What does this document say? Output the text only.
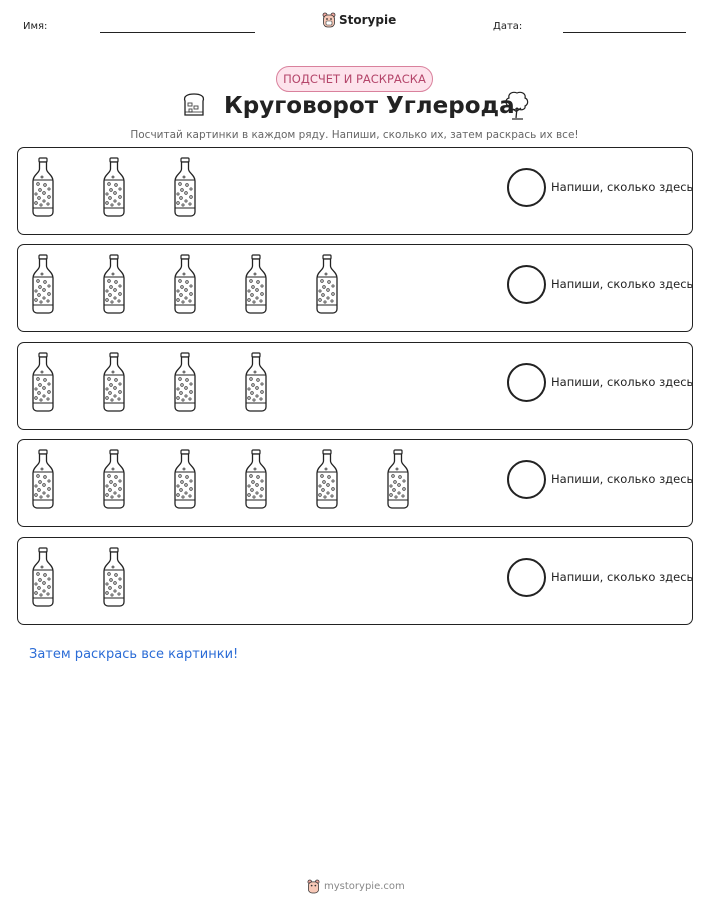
Имя:	Storypie	Дата:
ПОДСЧЕТ И РАСКРАСКА
Круговорот Углерода

Посчитай картинки в каждом ряду. Напиши, сколько их, затем раскрась их все!

Напиши, сколько здесь
Напиши, сколько здесь
Напиши, сколько здесь
Напиши, сколько здесь
Напиши, сколько здесь

Затем раскрась все картинки!

mystorypie.com
